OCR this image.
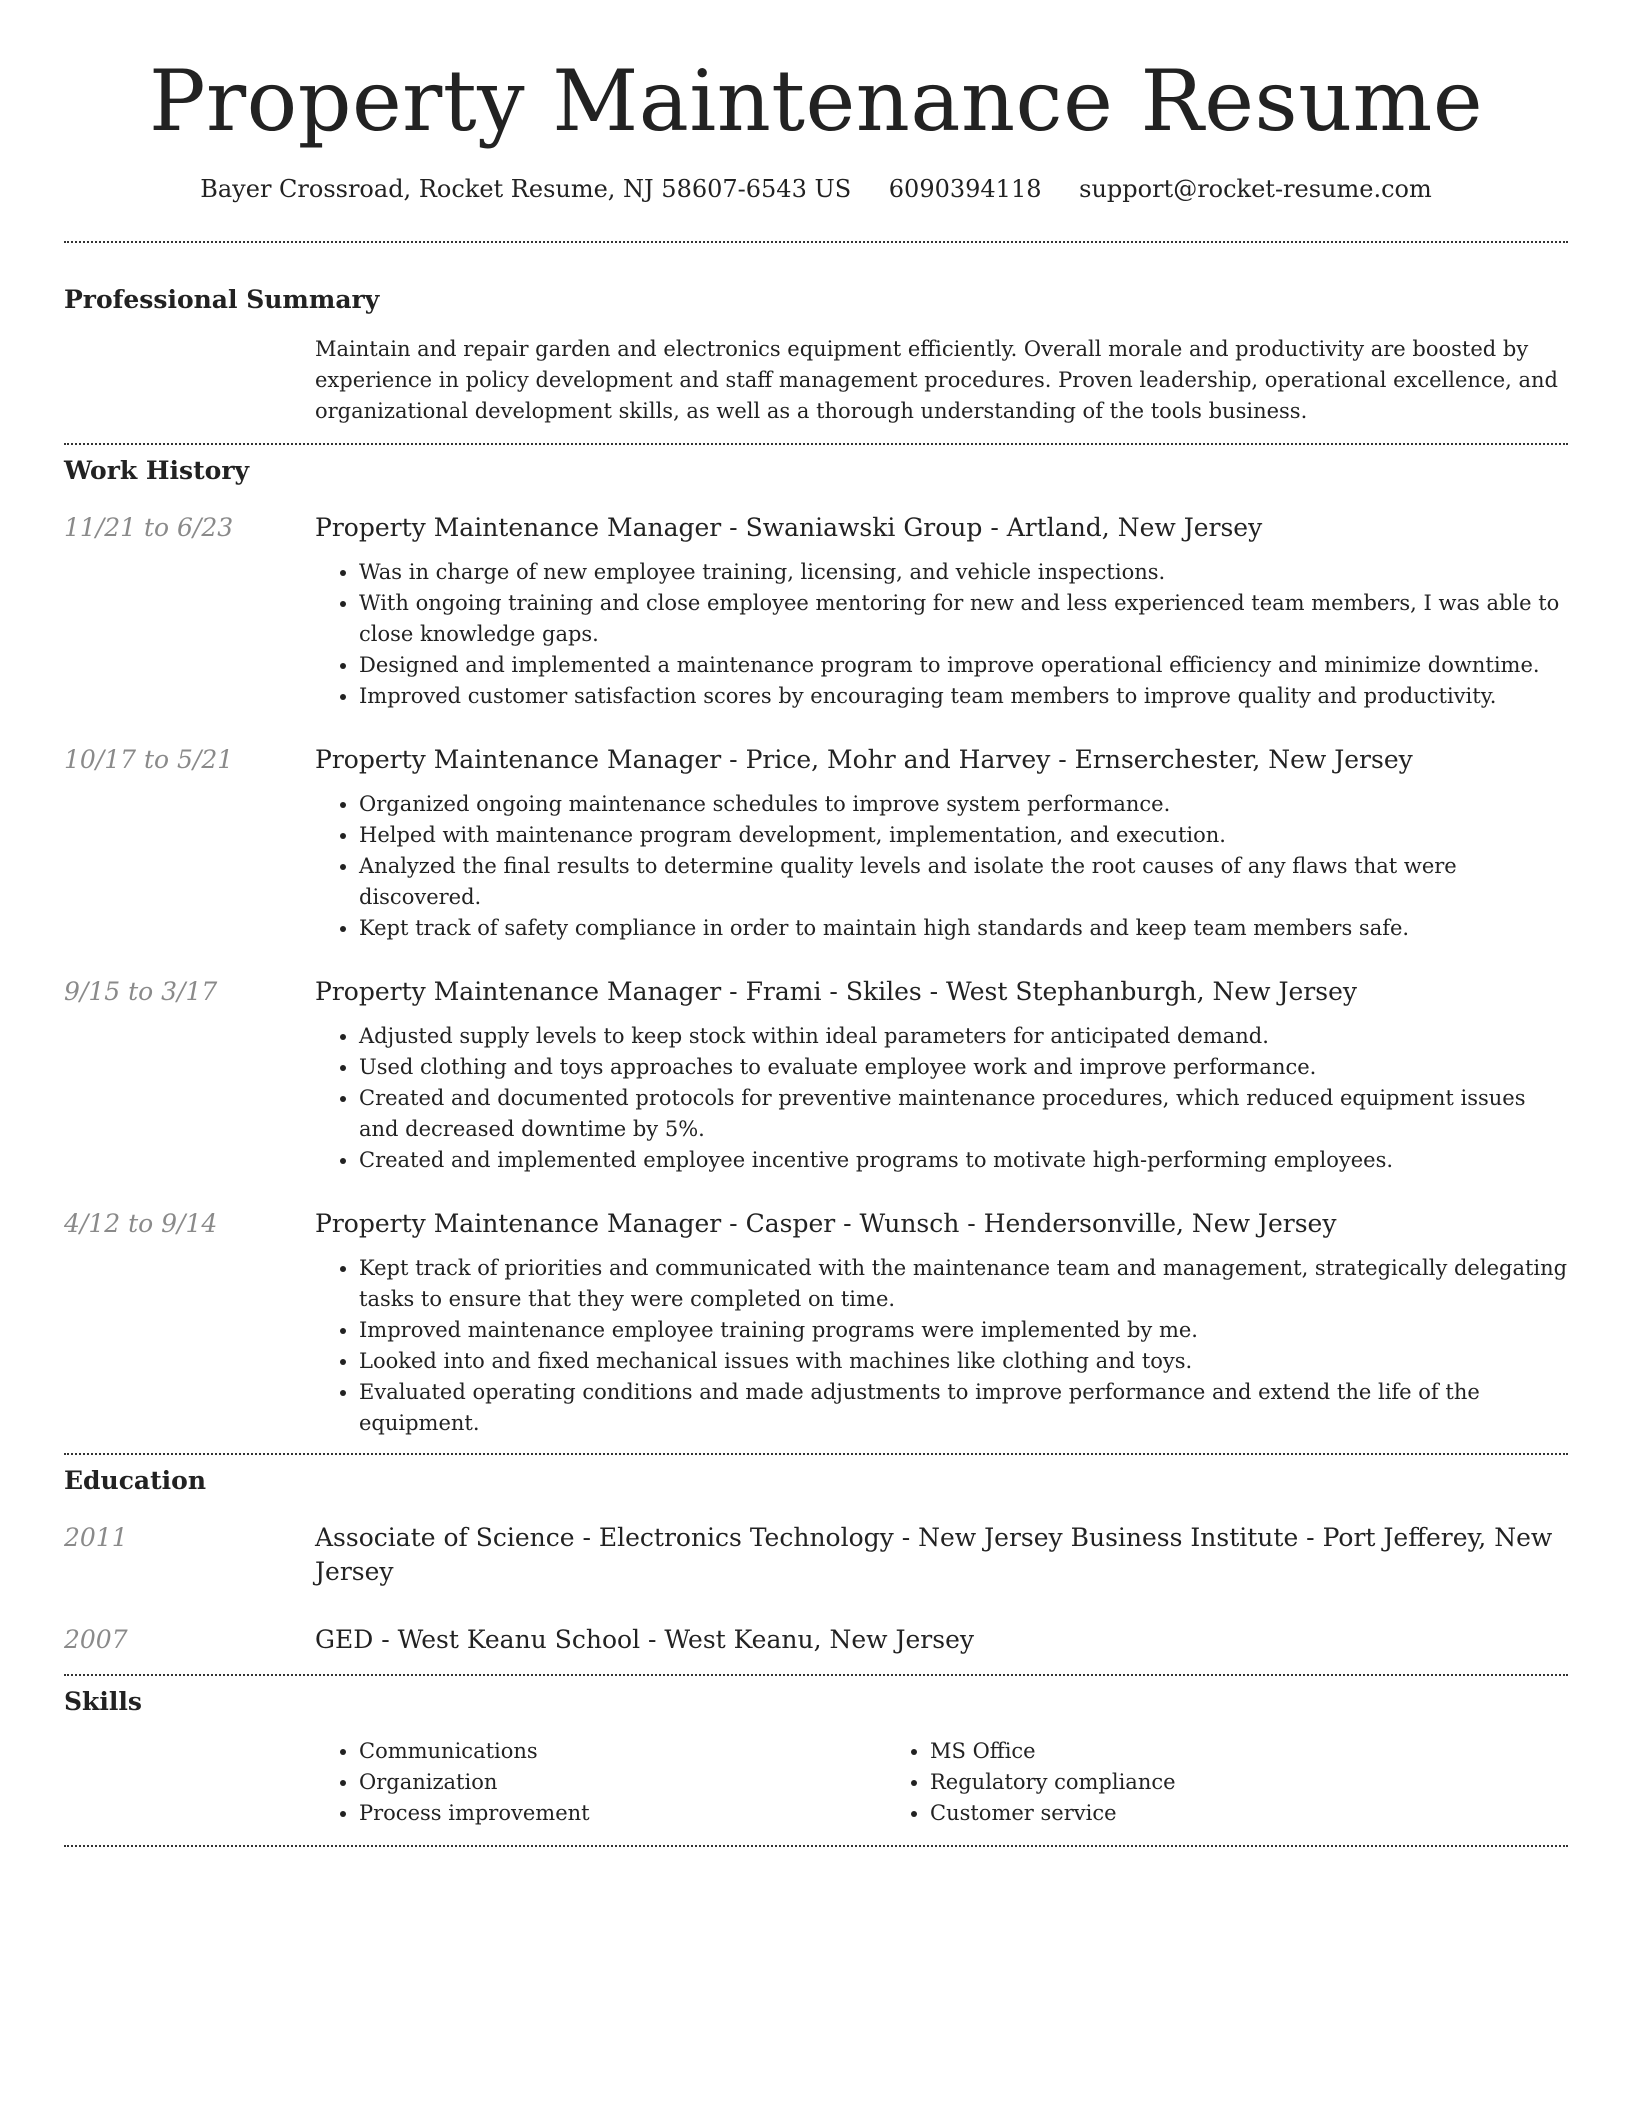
Property Maintenance Resume
Bayer Crossroad, Rocket Resume, NJ 58607-6543 US 6090394118 support@rocket-resume.com
Professional Summary
Maintain and repair garden and electronics equipment efficiently. Overall morale and productivity are boosted by experience in policy development and staff management procedures. Proven leadership, operational excellence, and organizational development skills, as well as a thorough understanding of the tools business.
Work History
11/21 to 6/23	Property Maintenance Manager - Swaniawski Group - Artland, New Jersey
• Was in charge of new employee training, licensing, and vehicle inspections.
• With ongoing training and close employee mentoring for new and less experienced team members, I was able to close knowledge gaps.
• Designed and implemented a maintenance program to improve operational efficiency and minimize downtime.
• Improved customer satisfaction scores by encouraging team members to improve quality and productivity.
10/17 to 5/21	Property Maintenance Manager - Price, Mohr and Harvey - Ernserchester, New Jersey
• Organized ongoing maintenance schedules to improve system performance.
• Helped with maintenance program development, implementation, and execution.
• Analyzed the final results to determine quality levels and isolate the root causes of any flaws that were discovered.
• Kept track of safety compliance in order to maintain high standards and keep team members safe.
9/15 to 3/17	Property Maintenance Manager - Frami - Skiles - West Stephanburgh, New Jersey
• Adjusted supply levels to keep stock within ideal parameters for anticipated demand.
• Used clothing and toys approaches to evaluate employee work and improve performance.
• Created and documented protocols for preventive maintenance procedures, which reduced equipment issues and decreased downtime by 5%.
• Created and implemented employee incentive programs to motivate high-performing employees.
4/12 to 9/14	Property Maintenance Manager - Casper - Wunsch - Hendersonville, New Jersey
• Kept track of priorities and communicated with the maintenance team and management, strategically delegating tasks to ensure that they were completed on time.
• Improved maintenance employee training programs were implemented by me.
• Looked into and fixed mechanical issues with machines like clothing and toys.
• Evaluated operating conditions and made adjustments to improve performance and extend the life of the equipment.
Education
2011	Associate of Science - Electronics Technology - New Jersey Business Institute - Port Jefferey, New Jersey
2007	GED - West Keanu School - West Keanu, New Jersey
Skills
• Communications
• Organization
• Process improvement
• MS Office
• Regulatory compliance
• Customer service
